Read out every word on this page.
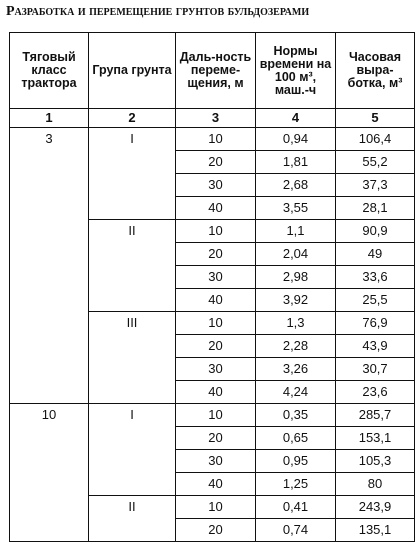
Разработка и перемещение грунтов бульдозерами
Тяговый класс трактора	Група грунта	Даль-ность переме-щения, м	Нормы времени на 100 м³, маш.-ч	Часовая выра-ботка, м³
1	2	3	4	5
3	I	10	0,94	106,4
		20	1,81	55,2
		30	2,68	37,3
		40	3,55	28,1
	II	10	1,1	90,9
		20	2,04	49
		30	2,98	33,6
		40	3,92	25,5
	III	10	1,3	76,9
		20	2,28	43,9
		30	3,26	30,7
		40	4,24	23,6
10	I	10	0,35	285,7
		20	0,65	153,1
		30	0,95	105,3
		40	1,25	80
	II	10	0,41	243,9
		20	0,74	135,1
